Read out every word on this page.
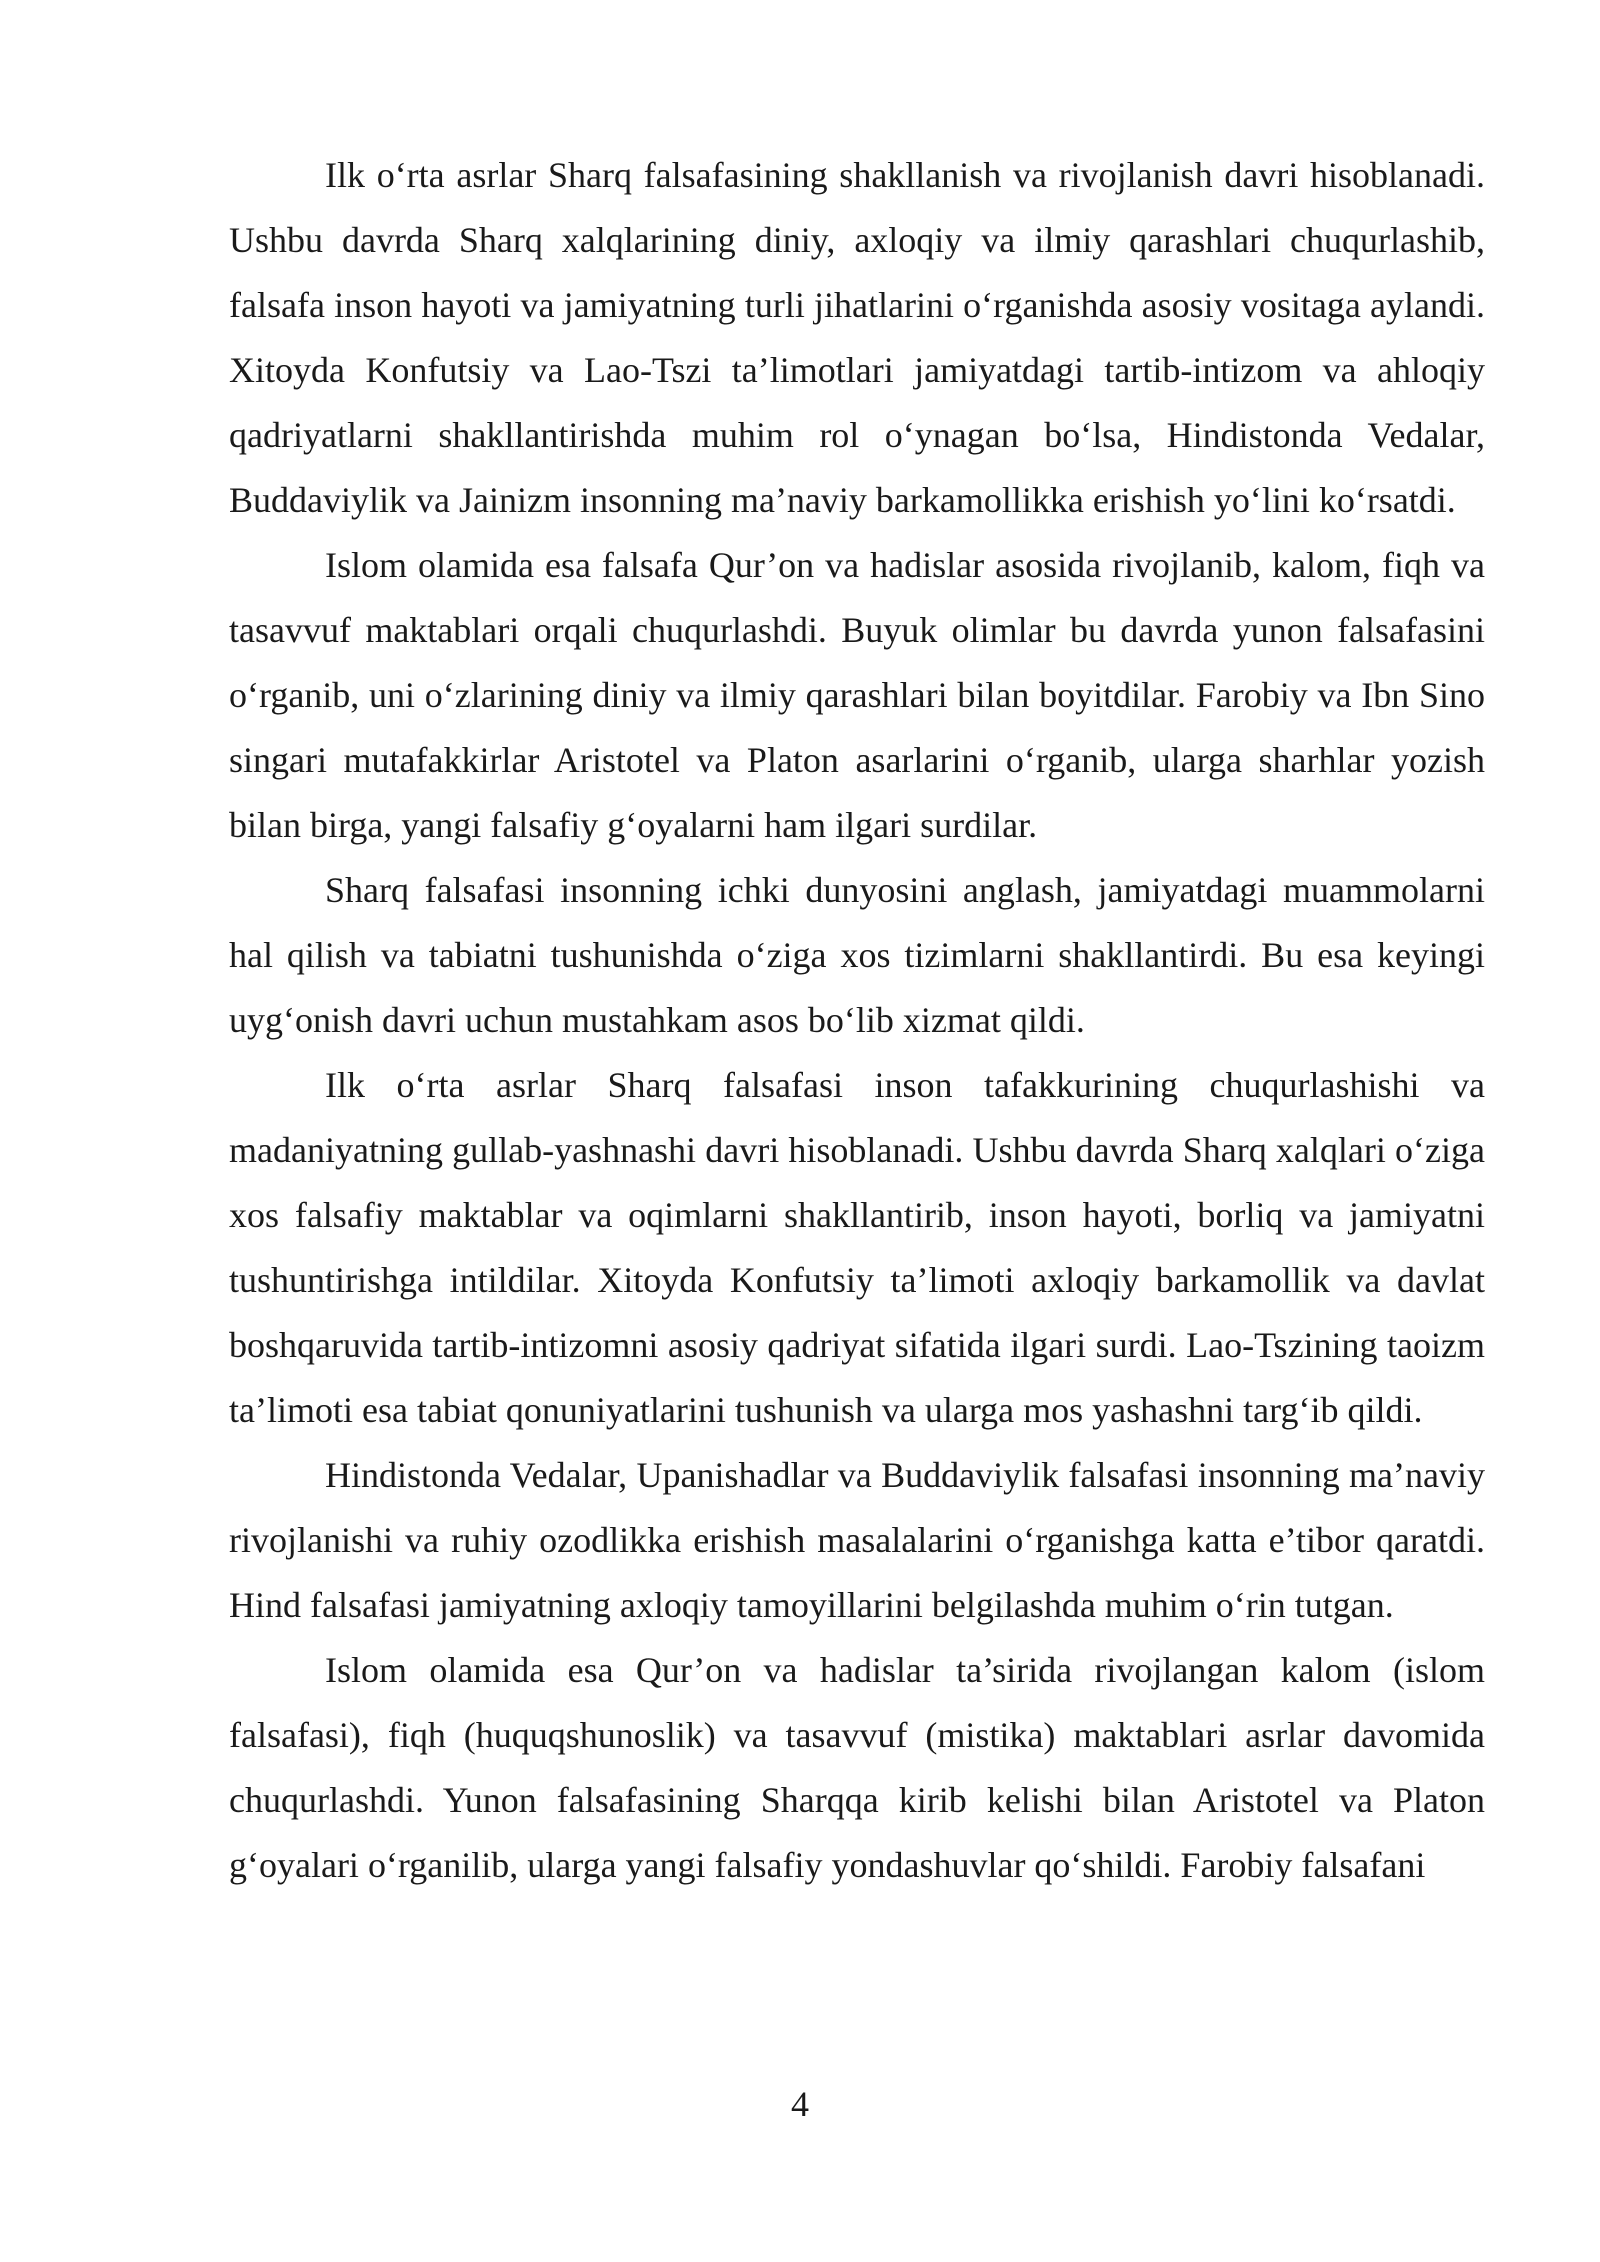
Ilk o‘rta asrlar Sharq falsafasining shakllanish va rivojlanish davri hisoblanadi. Ushbu davrda Sharq xalqlarining diniy, axloqiy va ilmiy qarashlari chuqurlashib, falsafa inson hayoti va jamiyatning turli jihatlarini o‘rganishda asosiy vositaga aylandi. Xitoyda Konfutsiy va Lao-Tszi ta’limotlari jamiyatdagi tartib-intizom va ahloqiy qadriyatlarni shakllantirishda muhim rol o‘ynagan bo‘lsa, Hindistonda Vedalar, Buddaviylik va Jainizm insonning ma’naviy barkamollikka erishish yo‘lini ko‘rsatdi.

Islom olamida esa falsafa Qur’on va hadislar asosida rivojlanib, kalom, fiqh va tasavvuf maktablari orqali chuqurlashdi. Buyuk olimlar bu davrda yunon falsafasini o‘rganib, uni o‘zlarining diniy va ilmiy qarashlari bilan boyitdilar. Farobiy va Ibn Sino singari mutafakkirlar Aristotel va Platon asarlarini o‘rganib, ularga sharhlar yozish bilan birga, yangi falsafiy g‘oyalarni ham ilgari surdilar.

Sharq falsafasi insonning ichki dunyosini anglash, jamiyatdagi muammolarni hal qilish va tabiatni tushunishda o‘ziga xos tizimlarni shakllantirdi. Bu esa keyingi uyg‘onish davri uchun mustahkam asos bo‘lib xizmat qildi.

Ilk o‘rta asrlar Sharq falsafasi inson tafakkurining chuqurlashishi va madaniyatning gullab-yashnashi davri hisoblanadi. Ushbu davrda Sharq xalqlari o‘ziga xos falsafiy maktablar va oqimlarni shakllantirib, inson hayoti, borliq va jamiyatni tushuntirishga intildilar. Xitoyda Konfutsiy ta’limoti axloqiy barkamollik va davlat boshqaruvida tartib-intizomni asosiy qadriyat sifatida ilgari surdi. Lao-Tszining taoizm ta’limoti esa tabiat qonuniyatlarini tushunish va ularga mos yashashni targ‘ib qildi.

Hindistonda Vedalar, Upanishadlar va Buddaviylik falsafasi insonning ma’naviy rivojlanishi va ruhiy ozodlikka erishish masalalarini o‘rganishga katta e’tibor qaratdi. Hind falsafasi jamiyatning axloqiy tamoyillarini belgilashda muhim o‘rin tutgan.

Islom olamida esa Qur’on va hadislar ta’sirida rivojlangan kalom (islom falsafasi), fiqh (huquqshunoslik) va tasavvuf (mistika) maktablari asrlar davomida chuqurlashdi. Yunon falsafasining Sharqqa kirib kelishi bilan Aristotel va Platon g‘oyalari o‘rganilib, ularga yangi falsafiy yondashuvlar qo‘shildi. Farobiy falsafani

4
